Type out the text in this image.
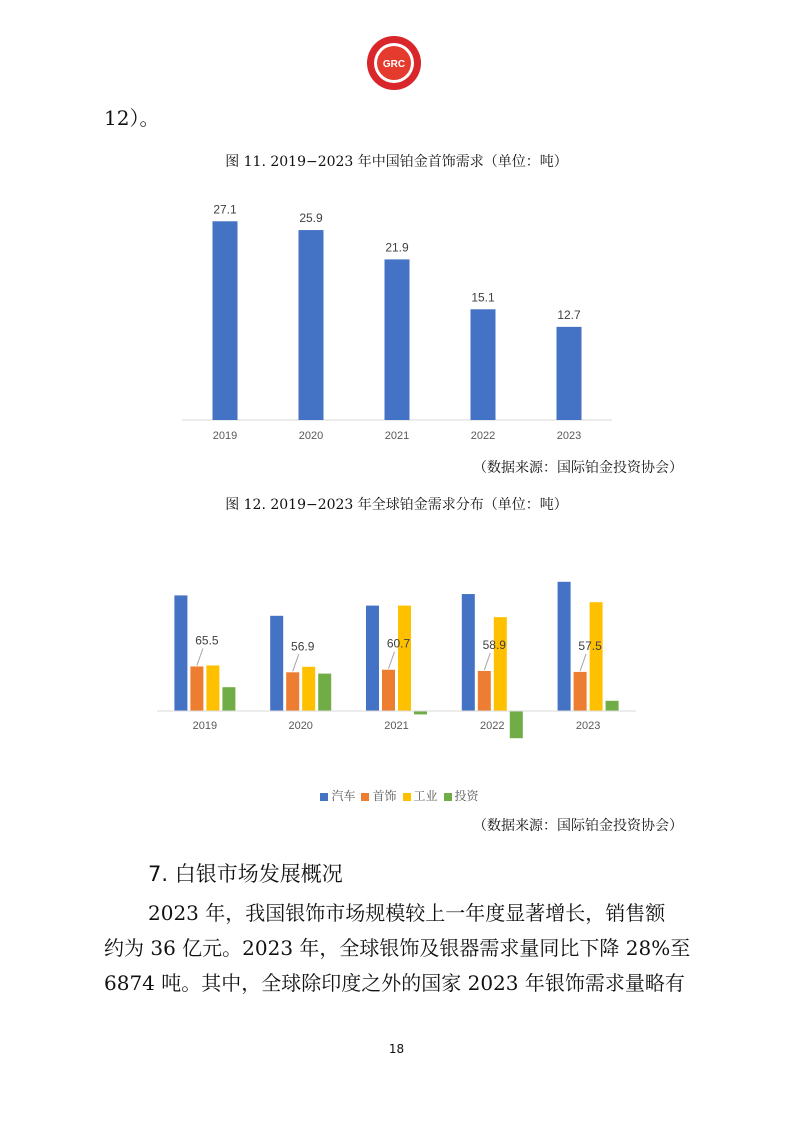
GRC
12）。
图 11. 2019−2023 年中国铂金首饰需求（单位：吨）
27.1
2019
25.9
2020
21.9
2021
15.1
2022
12.7
2023
（数据来源：国际铂金投资协会）
图 12. 2019−2023 年全球铂金需求分布（单位：吨）
65.5
2019
56.9
2020
60.7
2021
58.9
2022
57.5
2023
汽车 首饰 工业 投资
（数据来源：国际铂金投资协会）
7. 白银市场发展概况
2023 年，我国银饰市场规模较上一年度显著增长，销售额
约为 36 亿元。2023 年，全球银饰及银器需求量同比下降 28%至
6874 吨。其中，全球除印度之外的国家 2023 年银饰需求量略有
18
